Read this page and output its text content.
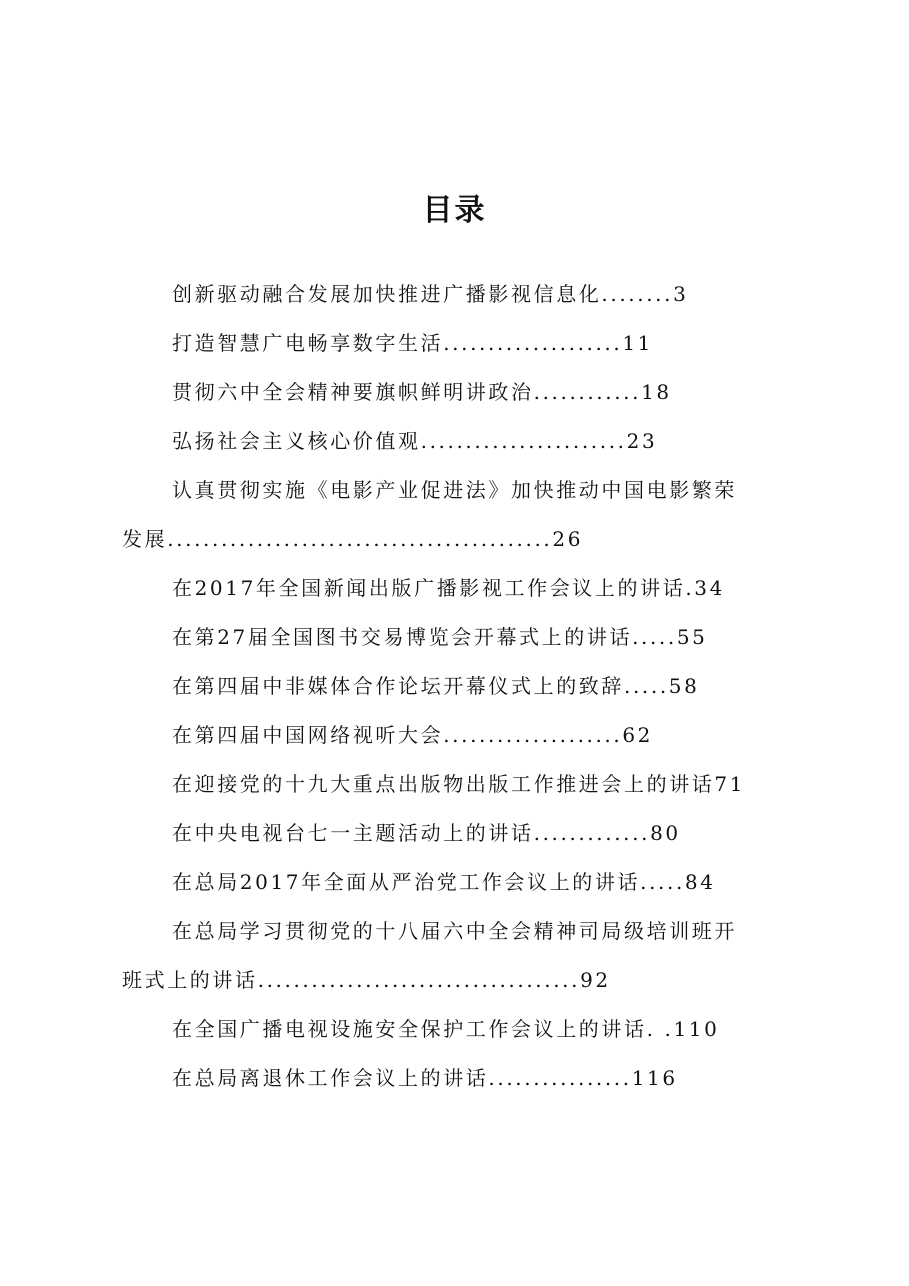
目录
创新驱动融合发展加快推进广播影视信息化........3
打造智慧广电畅享数字生活....................11
贯彻六中全会精神要旗帜鲜明讲政治............18
弘扬社会主义核心价值观.......................23
认真贯彻实施《电影产业促进法》加快推动中国电影繁荣
发展...........................................26
在2017年全国新闻出版广播影视工作会议上的讲话.34
在第27届全国图书交易博览会开幕式上的讲话.....55
在第四届中非媒体合作论坛开幕仪式上的致辞.....58
在第四届中国网络视听大会....................62
在迎接党的十九大重点出版物出版工作推进会上的讲话71
在中央电视台七一主题活动上的讲话.............80
在总局2017年全面从严治党工作会议上的讲话.....84
在总局学习贯彻党的十八届六中全会精神司局级培训班开
班式上的讲话....................................92
在全国广播电视设施安全保护工作会议上的讲话. .110
在总局离退休工作会议上的讲话................116
